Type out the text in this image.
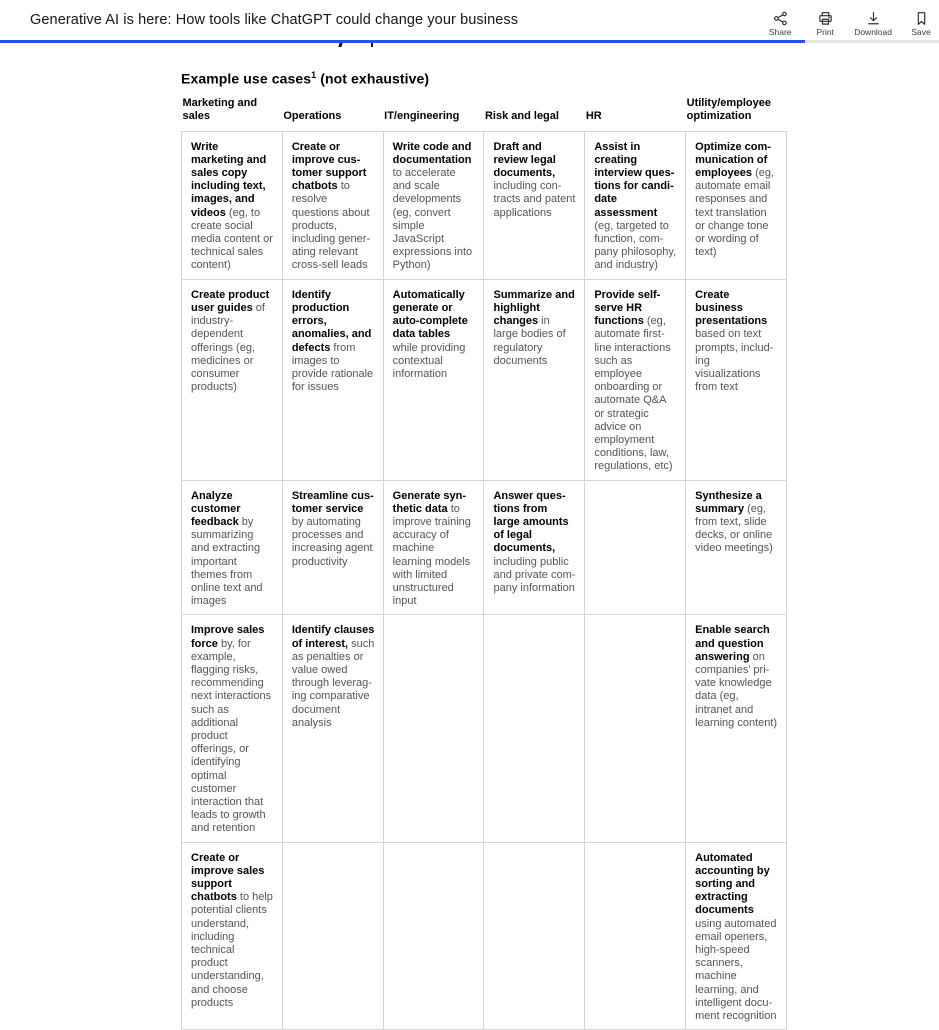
Generative AI is here: How tools like ChatGPT could change your business
Share	Print Download Save
Example use cases$^1$ (not exhaustive)
Marketing and sales	Operations	IT/engineering	Risk and legal	HR	Utility/employee optimization
Write marketing and sales copy including text, images, and videos (eg, to create social media content or technical sales content)	Create or improve customer support chatbots to resolve questions about products, including generating relevant cross-sell leads	Write code and documentation to accelerate and scale developments (eg, convert simple JavaScript expressions into Python)	Draft and review legal documents, including contracts and patent applications	Assist in creating interview questions for candidate assessment (eg, targeted to function, company philosophy, and industry)	Optimize communication of employees (eg, automate email responses and text translation or change tone or wording of text)
Create product user guides of industry-dependent offerings (eg, medicines or consumer products)	Identify production errors, anomalies, and defects from images to provide rationale for issues	Automatically generate or auto-complete data tables while providing contextual information	Summarize and highlight changes in large bodies of regulatory documents	Provide self-serve HR functions (eg, automate first-line interactions such as employee onboarding or automate Q&A or strategic advice on employment conditions, law, regulations, etc)	Create business presentations based on text prompts, including visualizations from text
Analyze customer feedback by summarizing and extracting important themes from online text and images	Streamline customer service by automating processes and increasing agent productivity	Generate synthetic data to improve training accuracy of machine learning models with limited unstructured input	Answer questions from large amounts of legal documents, including public and private company information		Synthesize a summary (eg, from text, slide decks, or online video meetings)
Improve sales force by, for example, flagging risks, recommending next interactions such as additional product offerings, or identifying optimal customer interaction that leads to growth and retention	Identify clauses of interest, such as penalties or value owed through leveraging comparative document analysis				Enable search and question answering on companies’ private knowledge data (eg, intranet and learning content)
Create or improve sales support chatbots to help potential clients understand, including technical product understanding, and choose products					Automated accounting by sorting and extracting documents using automated email openers, high-speed scanners, machine learning, and intelligent document recognition
